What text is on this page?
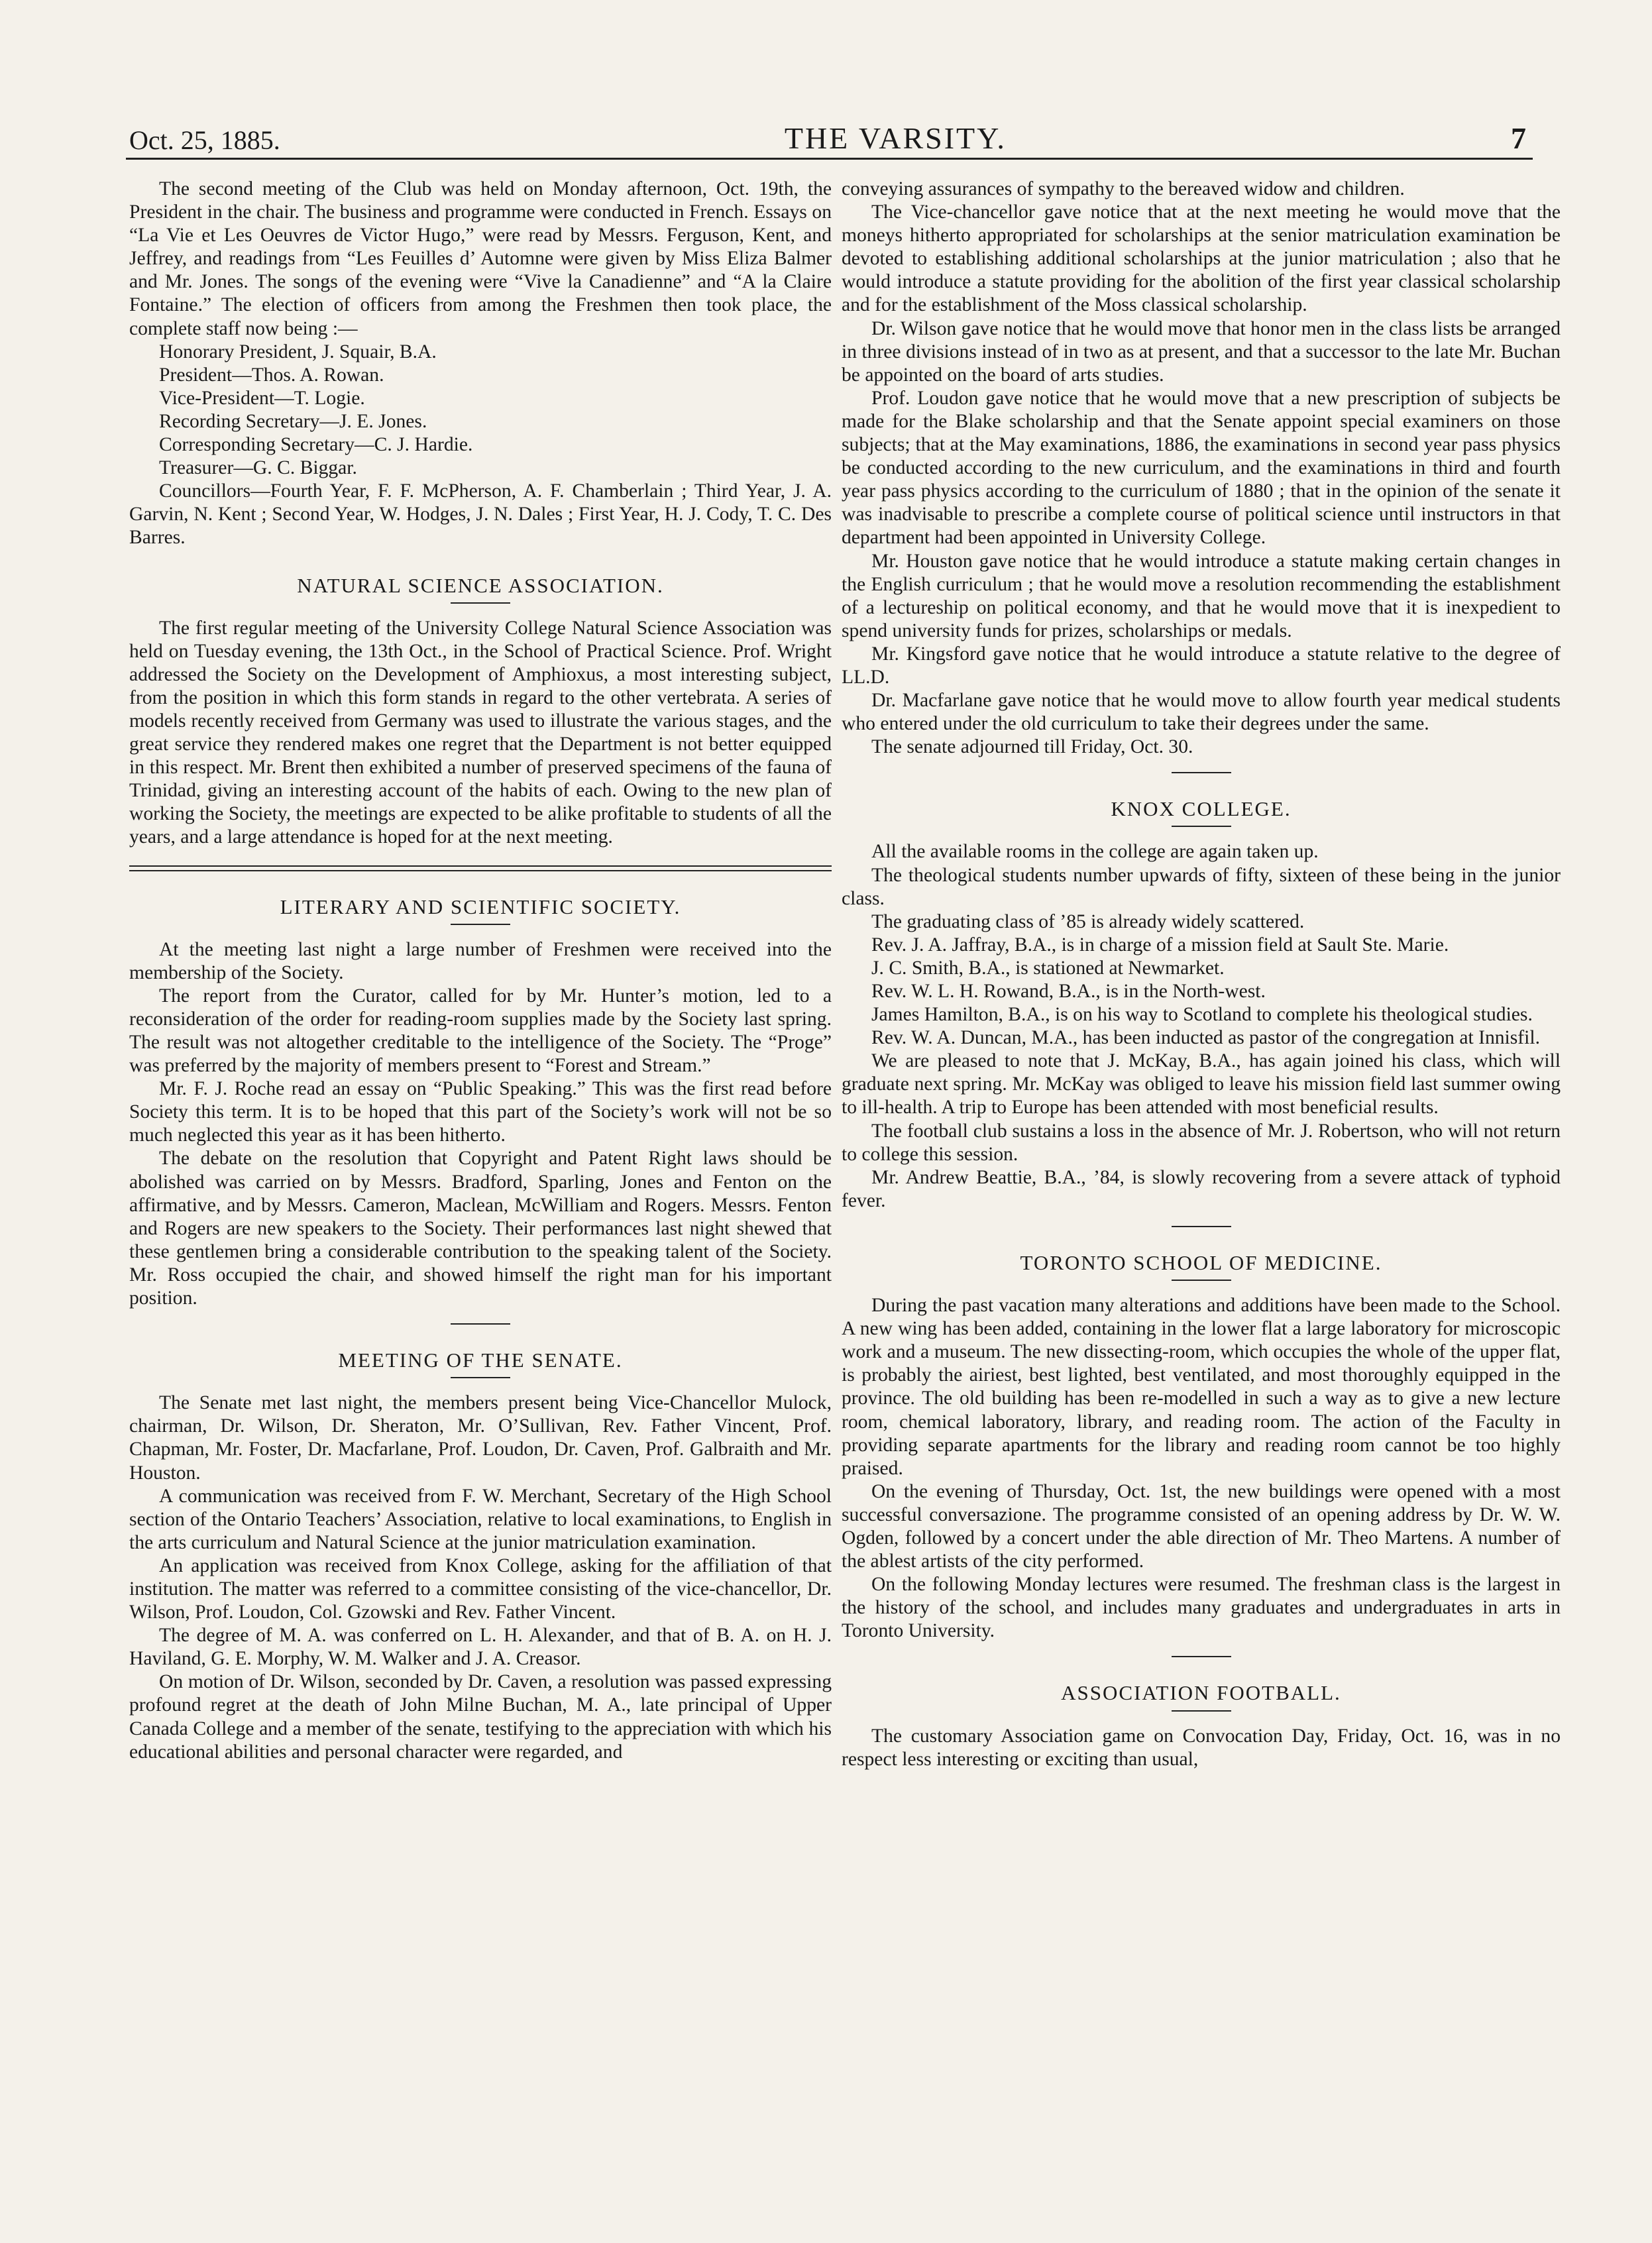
Oct. 25, 1885.	THE VARSITY.	7

The second meeting of the Club was held on Monday afternoon, Oct. 19th, the President in the chair. The business and programme were conducted in French. Essays on “La Vie et Les Oeuvres de Victor Hugo,” were read by Messrs. Ferguson, Kent, and Jeffrey, and readings from “Les Feuilles d’ Automne were given by Miss Eliza Balmer and Mr. Jones. The songs of the evening were “Vive la Canadienne” and “A la Claire Fontaine.” The election of officers from among the Freshmen then took place, the complete staff now being :—

Honorary President, J. Squair, B.A.

President—Thos. A. Rowan.

Vice-President—T. Logie.

Recording Secretary—J. E. Jones.

Corresponding Secretary—C. J. Hardie.

Treasurer—G. C. Biggar.

Councillors—Fourth Year, F. F. McPherson, A. F. Chamberlain ; Third Year, J. A. Garvin, N. Kent ; Second Year, W. Hodges, J. N. Dales ; First Year, H. J. Cody, T. C. Des Barres.

NATURAL SCIENCE ASSOCIATION.

The first regular meeting of the University College Natural Science Association was held on Tuesday evening, the 13th Oct., in the School of Practical Science. Prof. Wright addressed the Society on the Development of Amphioxus, a most interesting subject, from the position in which this form stands in regard to the other vertebrata. A series of models recently received from Germany was used to illustrate the various stages, and the great service they rendered makes one regret that the Department is not better equipped in this respect. Mr. Brent then exhibited a number of preserved specimens of the fauna of Trinidad, giving an interesting account of the habits of each. Owing to the new plan of working the Society, the meetings are expected to be alike profitable to students of all the years, and a large attendance is hoped for at the next meeting.

LITERARY AND SCIENTIFIC SOCIETY.

At the meeting last night a large number of Freshmen were received into the membership of the Society.

The report from the Curator, called for by Mr. Hunter’s motion, led to a reconsideration of the order for reading-room supplies made by the Society last spring. The result was not altogether creditable to the intelligence of the Society. The “Proge” was preferred by the majority of members present to “Forest and Stream.”

Mr. F. J. Roche read an essay on “Public Speaking.” This was the first read before Society this term. It is to be hoped that this part of the Society’s work will not be so much neglected this year as it has been hitherto.

The debate on the resolution that Copyright and Patent Right laws should be abolished was carried on by Messrs. Bradford, Sparling, Jones and Fenton on the affirmative, and by Messrs. Cameron, Maclean, McWilliam and Rogers. Messrs. Fenton and Rogers are new speakers to the Society. Their performances last night shewed that these gentlemen bring a considerable contribution to the speaking talent of the Society. Mr. Ross occupied the chair, and showed himself the right man for his important position.

MEETING OF THE SENATE.

The Senate met last night, the members present being Vice-Chancellor Mulock, chairman, Dr. Wilson, Dr. Sheraton, Mr. O’Sullivan, Rev. Father Vincent, Prof. Chapman, Mr. Foster, Dr. Macfarlane, Prof. Loudon, Dr. Caven, Prof. Galbraith and Mr. Houston.

A communication was received from F. W. Merchant, Secretary of the High School section of the Ontario Teachers’ Association, relative to local examinations, to English in the arts curriculum and Natural Science at the junior matriculation examination.

An application was received from Knox College, asking for the affiliation of that institution. The matter was referred to a committee consisting of the vice-chancellor, Dr. Wilson, Prof. Loudon, Col. Gzowski and Rev. Father Vincent.

The degree of M. A. was conferred on L. H. Alexander, and that of B. A. on H. J. Haviland, G. E. Morphy, W. M. Walker and J. A. Creasor.

On motion of Dr. Wilson, seconded by Dr. Caven, a resolution was passed expressing profound regret at the death of John Milne Buchan, M. A., late principal of Upper Canada College and a member of the senate, testifying to the appreciation with which his educational abilities and personal character were regarded, and

conveying assurances of sympathy to the bereaved widow and children.

The Vice-chancellor gave notice that at the next meeting he would move that the moneys hitherto appropriated for scholarships at the senior matriculation examination be devoted to establishing additional scholarships at the junior matriculation ; also that he would introduce a statute providing for the abolition of the first year classical scholarship and for the establishment of the Moss classical scholarship.

Dr. Wilson gave notice that he would move that honor men in the class lists be arranged in three divisions instead of in two as at present, and that a successor to the late Mr. Buchan be appointed on the board of arts studies.

Prof. Loudon gave notice that he would move that a new prescription of subjects be made for the Blake scholarship and that the Senate appoint special examiners on those subjects; that at the May examinations, 1886, the examinations in second year pass physics be conducted according to the new curriculum, and the examinations in third and fourth year pass physics according to the curriculum of 1880 ; that in the opinion of the senate it was inadvisable to prescribe a complete course of political science until instructors in that department had been appointed in University College.

Mr. Houston gave notice that he would introduce a statute making certain changes in the English curriculum ; that he would move a resolution recommending the establishment of a lectureship on political economy, and that he would move that it is inexpedient to spend university funds for prizes, scholarships or medals.

Mr. Kingsford gave notice that he would introduce a statute relative to the degree of LL.D.

Dr. Macfarlane gave notice that he would move to allow fourth year medical students who entered under the old curriculum to take their degrees under the same.

The senate adjourned till Friday, Oct. 30.

KNOX COLLEGE.

All the available rooms in the college are again taken up.

The theological students number upwards of fifty, sixteen of these being in the junior class.

The graduating class of ’85 is already widely scattered.

Rev. J. A. Jaffray, B.A., is in charge of a mission field at Sault Ste. Marie.

J. C. Smith, B.A., is stationed at Newmarket.

Rev. W. L. H. Rowand, B.A., is in the North-west.

James Hamilton, B.A., is on his way to Scotland to complete his theological studies.

Rev. W. A. Duncan, M.A., has been inducted as pastor of the congregation at Innisfil.

We are pleased to note that J. McKay, B.A., has again joined his class, which will graduate next spring. Mr. McKay was obliged to leave his mission field last summer owing to ill-health. A trip to Europe has been attended with most beneficial results.

The football club sustains a loss in the absence of Mr. J. Robertson, who will not return to college this session.

Mr. Andrew Beattie, B.A., ’84, is slowly recovering from a severe attack of typhoid fever.

TORONTO SCHOOL OF MEDICINE.

During the past vacation many alterations and additions have been made to the School. A new wing has been added, containing in the lower flat a large laboratory for microscopic work and a museum. The new dissecting-room, which occupies the whole of the upper flat, is probably the airiest, best lighted, best ventilated, and most thoroughly equipped in the province. The old building has been re-modelled in such a way as to give a new lecture room, chemical laboratory, library, and reading room. The action of the Faculty in providing separate apartments for the library and reading room cannot be too highly praised.

On the evening of Thursday, Oct. 1st, the new buildings were opened with a most successful conversazione. The programme consisted of an opening address by Dr. W. W. Ogden, followed by a concert under the able direction of Mr. Theo Martens. A number of the ablest artists of the city performed.

On the following Monday lectures were resumed. The freshman class is the largest in the history of the school, and includes many graduates and undergraduates in arts in Toronto University.

ASSOCIATION FOOTBALL.

The customary Association game on Convocation Day, Friday, Oct. 16, was in no respect less interesting or exciting than usual,
